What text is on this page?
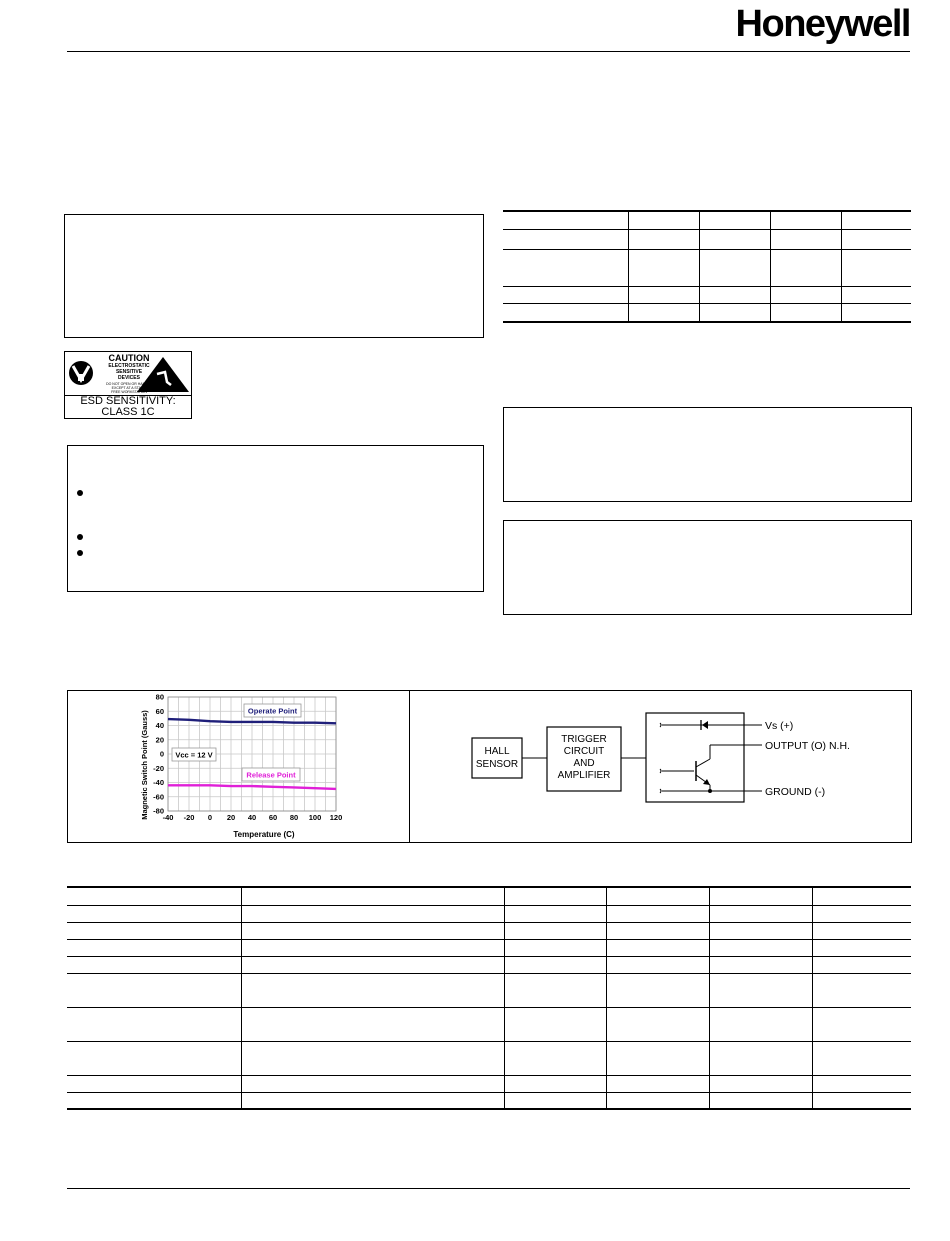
Honeywell
CAUTION
ELECTROSTATIC
SENSITIVE
DEVICES
DO NOT OPEN OR HANDLE
EXCEPT AT A STATIC
FREE WORKSTATION
ESD SENSITIVITY:
CLASS 1C

Operate Point
Release Point
Vcc = 12 V
80
60
40
20
0
-20
-40
-60
-80
-40 -20 0 20 40 60 80 100 120
Temperature (C)
Magnetic Switch Point (Gauss)	HALL
SENSOR
TRIGGER
CIRCUIT
AND
AMPLIFIER
Vs (+)
OUTPUT (O) N.H.
GROUND (-)
